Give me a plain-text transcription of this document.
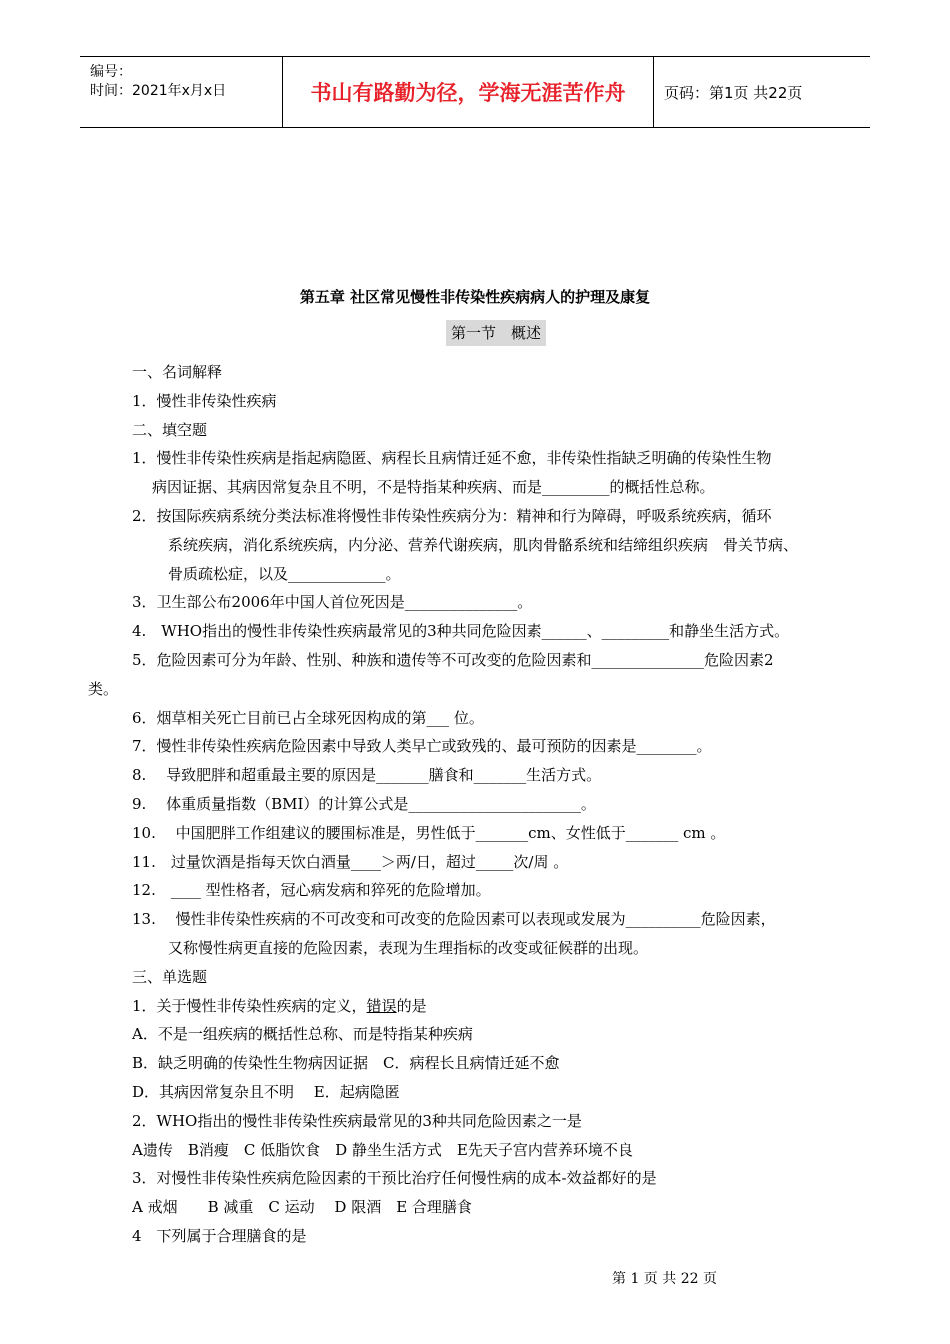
编号：
时间：2021年x月x日	书山有路勤为径，学海无涯苦作舟	页码：第1页 共22页
第五章 社区常见慢性非传染性疾病病人的护理及康复
第一节　概述
一、名词解释
1．慢性非传染性疾病
二、填空题
1．慢性非传染性疾病是指起病隐匿、病程长且病情迁延不愈，非传染性指缺乏明确的传染性生物
病因证据、其病因常复杂且不明，不是特指某种疾病、而是_________的概括性总称。
2．按国际疾病系统分类法标准将慢性非传染性疾病分为：精神和行为障碍，呼吸系统疾病，循环
系统疾病，消化系统疾病，内分泌、营养代谢疾病，肌肉骨骼系统和结缔组织疾病　骨关节病、
骨质疏松症，以及_____________。
3．卫生部公布2006年中国人首位死因是_______________。
4.　WHO指出的慢性非传染性疾病最常见的3种共同危险因素______、_________和静坐生活方式。
5．危险因素可分为年龄、性别、种族和遗传等不可改变的危险因素和_______________危险因素2
类。
6．烟草相关死亡目前已占全球死因构成的第___ 位。
7．慢性非传染性疾病危险因素中导致人类早亡或致残的、最可预防的因素是________。
8.　 导致肥胖和超重最主要的原因是_______膳食和_______生活方式。
9.　 体重质量指数（BMI）的计算公式是_______________________。
10.　 中国肥胖工作组建议的腰围标准是，男性低于_______cm、女性低于_______ cm 。
11.　过量饮酒是指每天饮白酒量____＞两/日，超过_____次/周 。
12.　____ 型性格者，冠心病发病和猝死的危险增加。
13.　 慢性非传染性疾病的不可改变和可改变的危险因素可以表现或发展为__________危险因素，
又称慢性病更直接的危险因素，表现为生理指标的改变或征候群的出现。
三、单选题
1．关于慢性非传染性疾病的定义，错误的是
A．不是一组疾病的概括性总称、而是特指某种疾病
B．缺乏明确的传染性生物病因证据　C．病程长且病情迁延不愈
D．其病因常复杂且不明　 E．起病隐匿
2．WHO指出的慢性非传染性疾病最常见的3种共同危险因素之一是
A遗传　B消瘦　C 低脂饮食　D 静坐生活方式　E先天子宫内营养环境不良
3．对慢性非传染性疾病危险因素的干预比治疗任何慢性病的成本-效益都好的是
A 戒烟　　B 减重　C 运动　 D 限酒　E 合理膳食
4　下列属于合理膳食的是
第 1 页 共 22 页
